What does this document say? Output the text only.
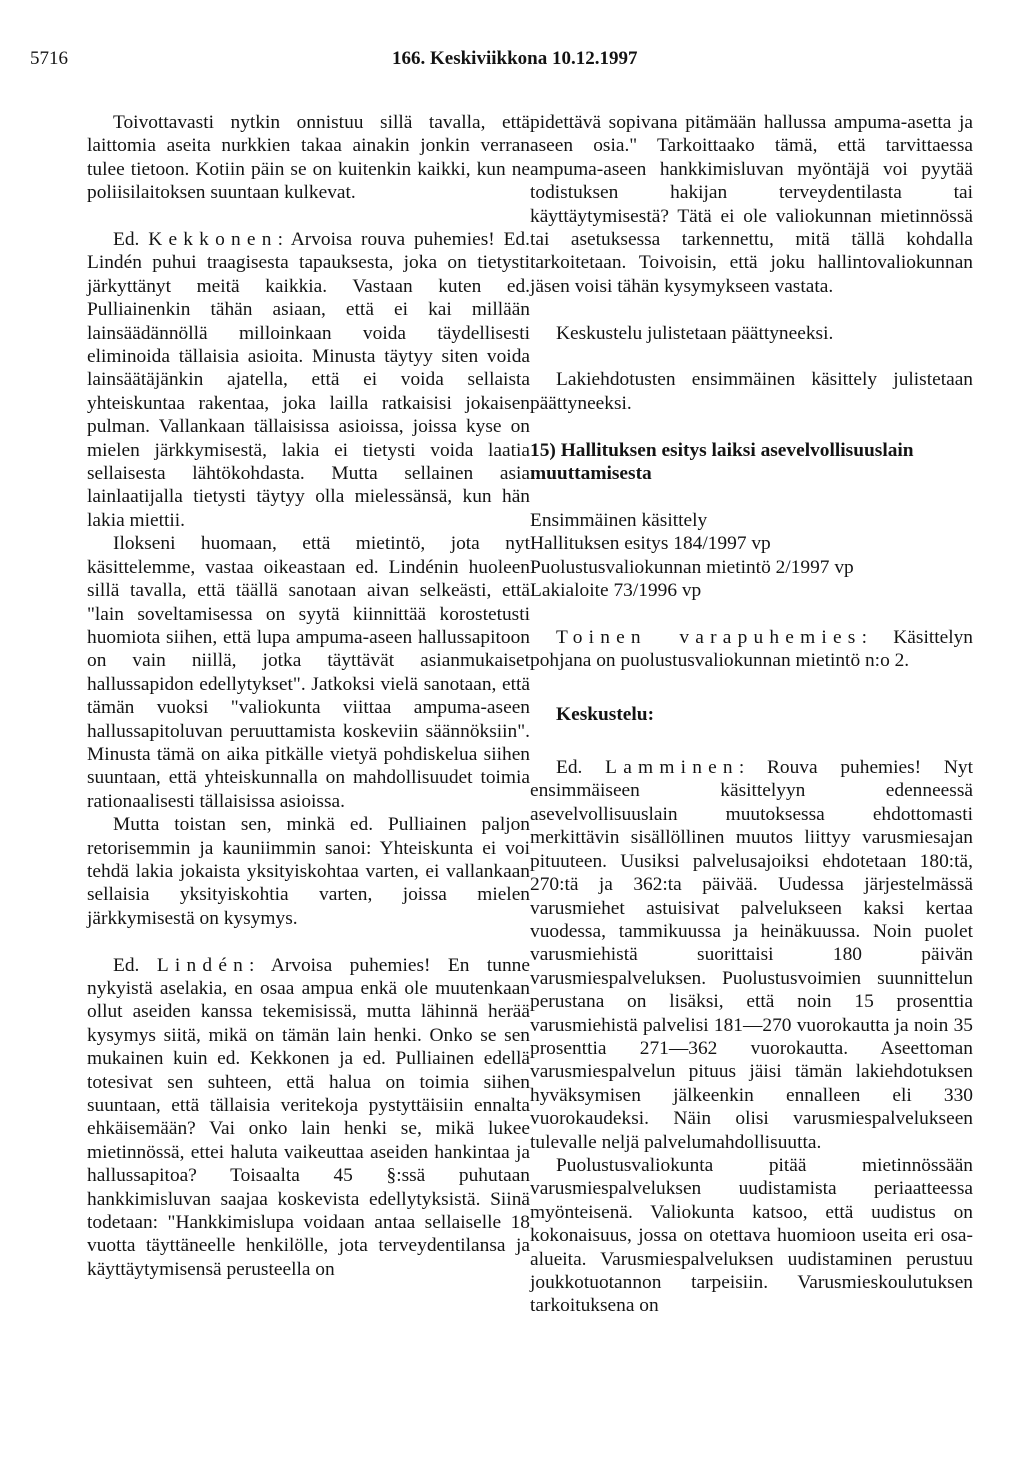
5716	166. Keskiviikkona 10.12.1997

Toivottavasti nytkin onnistuu sillä tavalla, että laittomia aseita nurkkien takaa ainakin jonkin verran tulee tietoon. Kotiin päin se on kuitenkin kaikki, kun ne poliisilaitoksen suuntaan kulkevat.

Ed. Kekkonen: Arvoisa rouva puhemies! Ed. Lindén puhui traagisesta tapauksesta, joka on tietysti järkyttänyt meitä kaikkia. Vastaan kuten ed. Pulliainenkin tähän asiaan, että ei kai millään lainsäädännöllä milloinkaan voida täydellisesti eliminoida tällaisia asioita. Minusta täytyy siten voida lainsäätäjänkin ajatella, että ei voida sellaista yhteiskuntaa rakentaa, joka lailla ratkaisisi jokaisen pulman. Vallankaan tällaisissa asioissa, joissa kyse on mielen järkkymisestä, lakia ei tietysti voida laatia sellaisesta lähtökohdasta. Mutta sellainen asia lainlaatijalla tietysti täytyy olla mielessänsä, kun hän lakia miettii.

Ilokseni huomaan, että mietintö, jota nyt käsittelemme, vastaa oikeastaan ed. Lindénin huoleen sillä tavalla, että täällä sanotaan aivan selkeästi, että "lain soveltamisessa on syytä kiinnittää korostetusti huomiota siihen, että lupa ampuma-aseen hallussapitoon on vain niillä, jotka täyttävät asianmukaiset hallussapidon edellytykset". Jatkoksi vielä sanotaan, että tämän vuoksi "valiokunta viittaa ampuma-aseen hallussapitoluvan peruuttamista koskeviin säännöksiin". Minusta tämä on aika pitkälle vietyä pohdiskelua siihen suuntaan, että yhteiskunnalla on mahdollisuudet toimia rationaalisesti tällaisissa asioissa.

Mutta toistan sen, minkä ed. Pulliainen paljon retorisemmin ja kauniimmin sanoi: Yhteiskunta ei voi tehdä lakia jokaista yksityiskohtaa varten, ei vallankaan sellaisia yksityiskohtia varten, joissa mielen järkkymisestä on kysymys.

Ed. Lindén: Arvoisa puhemies! En tunne nykyistä aselakia, en osaa ampua enkä ole muutenkaan ollut aseiden kanssa tekemisissä, mutta lähinnä herää kysymys siitä, mikä on tämän lain henki. Onko se sen mukainen kuin ed. Kekkonen ja ed. Pulliainen edellä totesivat sen suhteen, että halua on toimia siihen suuntaan, että tällaisia veritekoja pystyttäisiin ennalta ehkäisemään? Vai onko lain henki se, mikä lukee mietinnössä, ettei haluta vaikeuttaa aseiden hankintaa ja hallussapitoa? Toisaalta 45 §:ssä puhutaan hankkimisluvan saajaa koskevista edellytyksistä. Siinä todetaan: "Hankkimislupa voidaan antaa sellaiselle 18 vuotta täyttäneelle henkilölle, jota terveydentilansa ja käyttäytymisensä perusteella on

pidettävä sopivana pitämään hallussa ampuma-asetta ja aseen osia." Tarkoittaako tämä, että tarvittaessa ampuma-aseen hankkimisluvan myöntäjä voi pyytää todistuksen hakijan terveydentilasta tai käyttäytymisestä? Tätä ei ole valiokunnan mietinnössä tai asetuksessa tarkennettu, mitä tällä kohdalla tarkoitetaan. Toivoisin, että joku hallintovaliokunnan jäsen voisi tähän kysymykseen vastata.

Keskustelu julistetaan päättyneeksi.

Lakiehdotusten ensimmäinen käsittely julistetaan päättyneeksi.

15) Hallituksen esitys laiksi asevelvollisuuslain muuttamisesta

Ensimmäinen käsittely

Hallituksen esitys 184/1997 vp

Puolustusvaliokunnan mietintö 2/1997 vp

Lakialoite 73/1996 vp

Toinen varapuhemies: Käsittelyn pohjana on puolustusvaliokunnan mietintö n:o 2.

Keskustelu:

Ed. Lamminen: Rouva puhemies! Nyt ensimmäiseen käsittelyyn edenneessä asevelvollisuuslain muutoksessa ehdottomasti merkittävin sisällöllinen muutos liittyy varusmiesajan pituuteen. Uusiksi palvelusajoiksi ehdotetaan 180:tä, 270:tä ja 362:ta päivää. Uudessa järjestelmässä varusmiehet astuisivat palvelukseen kaksi kertaa vuodessa, tammikuussa ja heinäkuussa. Noin puolet varusmiehistä suorittaisi 180 päivän varusmiespalveluksen. Puolustusvoimien suunnittelun perustana on lisäksi, että noin 15 prosenttia varusmiehistä palvelisi 181—270 vuorokautta ja noin 35 prosenttia 271—362 vuorokautta. Aseettoman varusmiespalvelun pituus jäisi tämän lakiehdotuksen hyväksymisen jälkeenkin ennalleen eli 330 vuorokaudeksi. Näin olisi varusmiespalvelukseen tulevalle neljä palvelumahdollisuutta.

Puolustusvaliokunta pitää mietinnössään varusmiespalveluksen uudistamista periaatteessa myönteisenä. Valiokunta katsoo, että uudistus on kokonaisuus, jossa on otettava huomioon useita eri osa-alueita. Varusmiespalveluksen uudistaminen perustuu joukkotuotannon tarpeisiin. Varusmieskoulutuksen tarkoituksena on
